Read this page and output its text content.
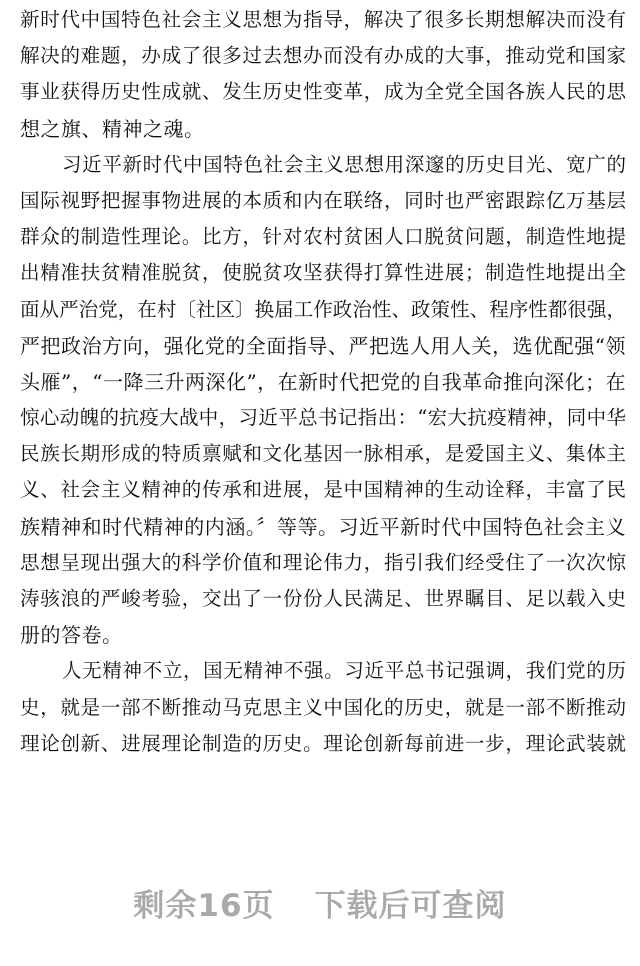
新时代中国特色社会主义思想为指导，解决了很多长期想解决而没有
解决的难题，办成了很多过去想办而没有办成的大事，推动党和国家
事业获得历史性成就、发生历史性变革，成为全党全国各族人民的思
想之旗、精神之魂。
习近平新时代中国特色社会主义思想用深邃的历史目光、宽广的
国际视野把握事物进展的本质和内在联络，同时也严密跟踪亿万基层
群众的制造性理论。比方，针对农村贫困人口脱贫问题，制造性地提
出精准扶贫精准脱贫，使脱贫攻坚获得打算性进展；制造性地提出全
面从严治党，在村〔社区〕换届工作政治性、政策性、程序性都很强，
严把政治方向，强化党的全面指导、严把选人用人关，选优配强“领
头雁”，“一降三升两深化”，在新时代把党的自我革命推向深化；在
惊心动魄的抗疫大战中，习近平总书记指出：“宏大抗疫精神，同中华
民族长期形成的特质禀赋和文化基因一脉相承，是爱国主义、集体主
义、社会主义精神的传承和进展，是中国精神的生动诠释，丰富了民
族精神和时代精神的内涵。〞等等。习近平新时代中国特色社会主义
思想呈现出强大的科学价值和理论伟力，指引我们经受住了一次次惊
涛骇浪的严峻考验，交出了一份份人民满足、世界瞩目、足以载入史
册的答卷。
人无精神不立，国无精神不强。习近平总书记强调，我们党的历
史，就是一部不断推动马克思主义中国化的历史，就是一部不断推动
理论创新、进展理论制造的历史。理论创新每前进一步，理论武装就
剩余16页 下载后可查阅
